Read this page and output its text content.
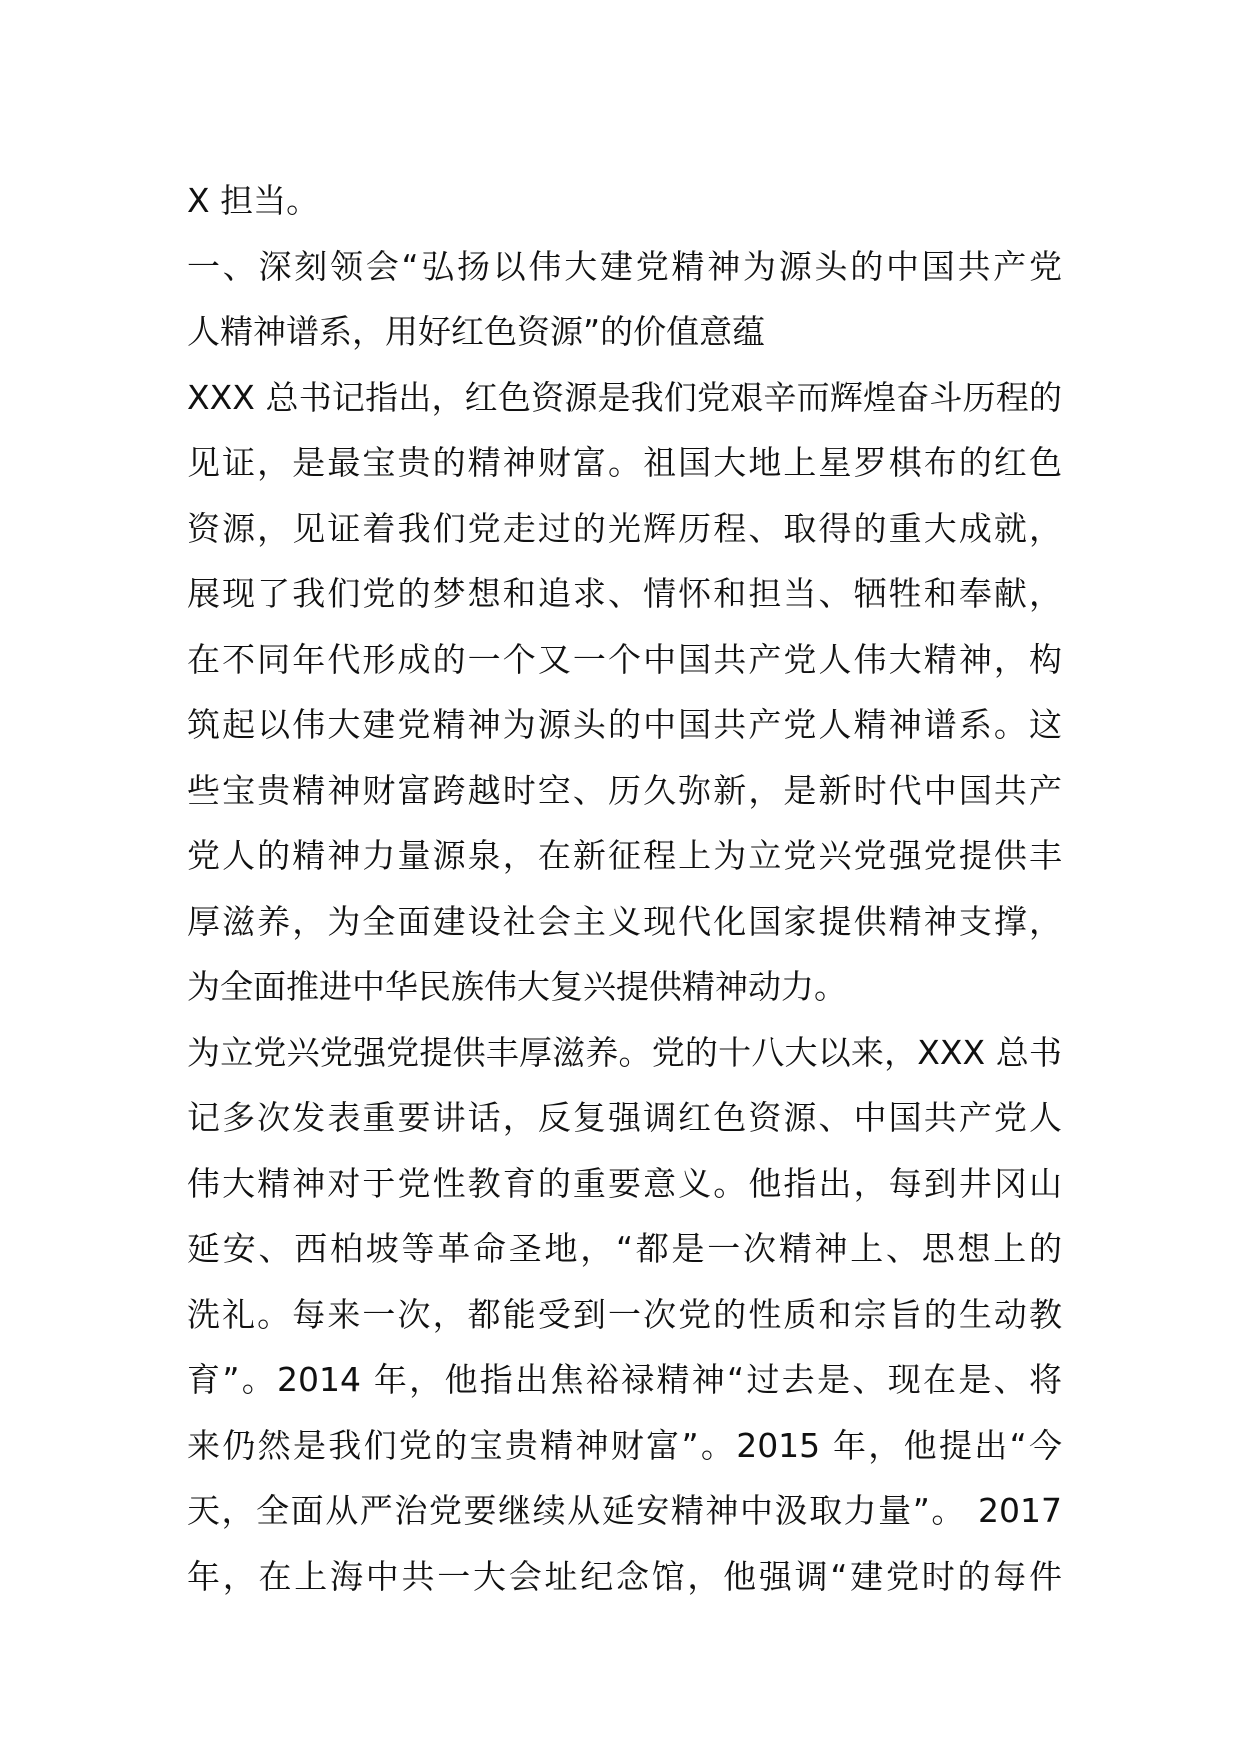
X 担当。
一、深刻领会“弘扬以伟大建党精神为源头的中国共产党
人精神谱系，用好红色资源”的价值意蕴
XXX 总书记指出，红色资源是我们党艰辛而辉煌奋斗历程的
见证，是最宝贵的精神财富。祖国大地上星罗棋布的红色
资源，见证着我们党走过的光辉历程、取得的重大成就，
展现了我们党的梦想和追求、情怀和担当、牺牲和奉献，
在不同年代形成的一个又一个中国共产党人伟大精神，构
筑起以伟大建党精神为源头的中国共产党人精神谱系。这
些宝贵精神财富跨越时空、历久弥新，是新时代中国共产
党人的精神力量源泉，在新征程上为立党兴党强党提供丰
厚滋养，为全面建设社会主义现代化国家提供精神支撑，
为全面推进中华民族伟大复兴提供精神动力。
为立党兴党强党提供丰厚滋养。党的十八大以来，XXX 总书
记多次发表重要讲话，反复强调红色资源、中国共产党人
伟大精神对于党性教育的重要意义。他指出，每到井冈山
延安、西柏坡等革命圣地，“都是一次精神上、思想上的
洗礼。每来一次，都能受到一次党的性质和宗旨的生动教
育”。2014 年，他指出焦裕禄精神“过去是、现在是、将
来仍然是我们党的宝贵精神财富”。2015 年，他提出“今
天，全面从严治党要继续从延安精神中汲取力量”。 2017
年，在上海中共一大会址纪念馆，他强调“建党时的每件
